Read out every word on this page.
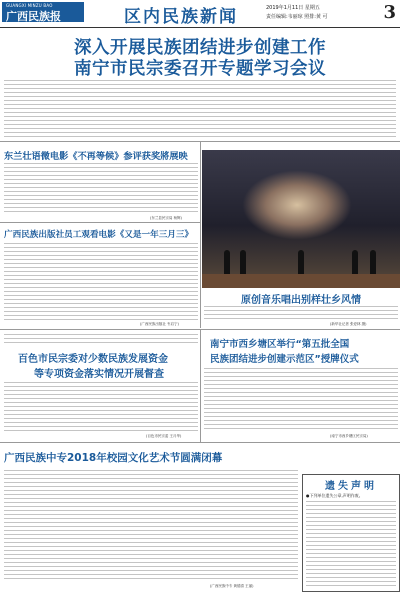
GUANGXI MINZU BAO
广西民族报	区内民族新闻	2019年1月11日 星期五
责任编辑:韦丽琼 照排:黄 可	3
深入开展民族团结进步创建工作
南宁市民宗委召开专题学习会议
东兰壮语微电影《不再等候》参评获奖將展映
(东兰县民宗局 杨辉)
广西民族出版社员工观看电影《又是一年三月三》
(广西民族出版社 韦启宁)
原创音乐唱出别样壮乡风情
(新华社记者 张爱林 摄)
南宁市西乡塘区举行“第五批全国
民族团结进步创建示范区”授牌仪式
(南宁市西乡塘区民宗局)
百色市民宗委对少数民族发展资金
等专项资金落实情况开展督查
(百色市民宗委 王月华)
广西民族中专2018年校园文化艺术节圆满闭幕
(广西民族中专 黄德清 王丽)
遗失声明
●下列单位遗失公章,声明作废。
